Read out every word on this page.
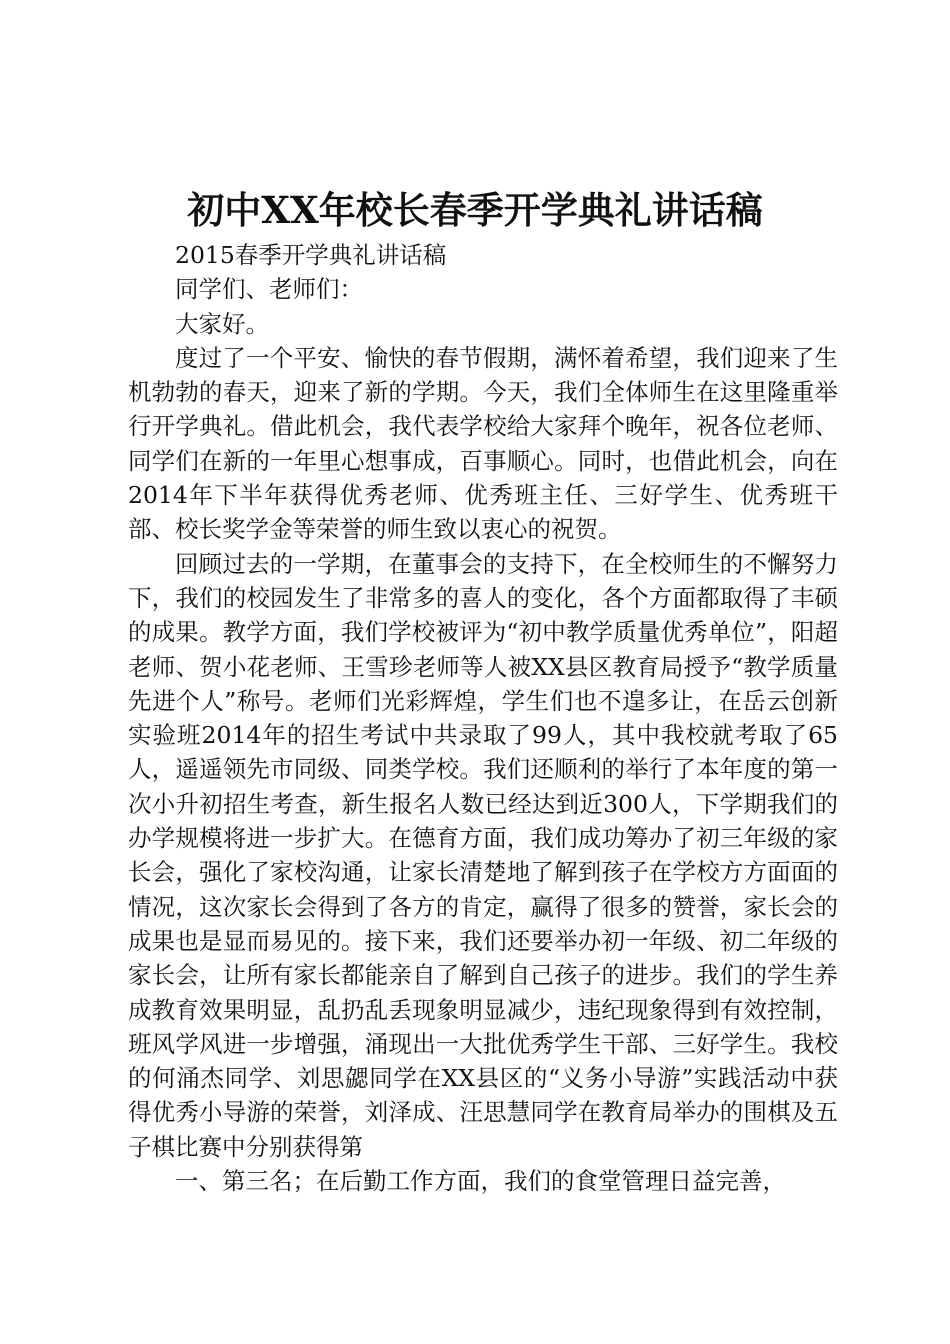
初中XX年校长春季开学典礼讲话稿

2015春季开学典礼讲话稿

同学们、老师们：

大家好。

度过了一个平安、愉快的春节假期，满怀着希望，我们迎来了生机勃勃的春天，迎来了新的学期。今天，我们全体师生在这里隆重举行开学典礼。借此机会，我代表学校给大家拜个晚年，祝各位老师、同学们在新的一年里心想事成，百事顺心。同时，也借此机会，向在2014年下半年获得优秀老师、优秀班主任、三好学生、优秀班干部、校长奖学金等荣誉的师生致以衷心的祝贺。

回顾过去的一学期，在董事会的支持下，在全校师生的不懈努力下，我们的校园发生了非常多的喜人的变化，各个方面都取得了丰硕的成果。教学方面，我们学校被评为“初中教学质量优秀单位”，阳超老师、贺小花老师、王雪珍老师等人被XX县区教育局授予“教学质量先进个人”称号。老师们光彩辉煌，学生们也不遑多让，在岳云创新实验班2014年的招生考试中共录取了99人，其中我校就考取了65人，遥遥领先市同级、同类学校。我们还顺利的举行了本年度的第一次小升初招生考查，新生报名人数已经达到近300人，下学期我们的办学规模将进一步扩大。在德育方面，我们成功筹办了初三年级的家长会，强化了家校沟通，让家长清楚地了解到孩子在学校方方面面的情况，这次家长会得到了各方的肯定，赢得了很多的赞誉，家长会的成果也是显而易见的。接下来，我们还要举办初一年级、初二年级的家长会，让所有家长都能亲自了解到自己孩子的进步。我们的学生养成教育效果明显，乱扔乱丢现象明显减少，违纪现象得到有效控制，班风学风进一步增强，涌现出一大批优秀学生干部、三好学生。我校的何涌杰同学、刘思勰同学在XX县区的“义务小导游”实践活动中获得优秀小导游的荣誉，刘泽成、汪思慧同学在教育局举办的围棋及五子棋比赛中分别获得第

一、第三名；在后勤工作方面，我们的食堂管理日益完善，
